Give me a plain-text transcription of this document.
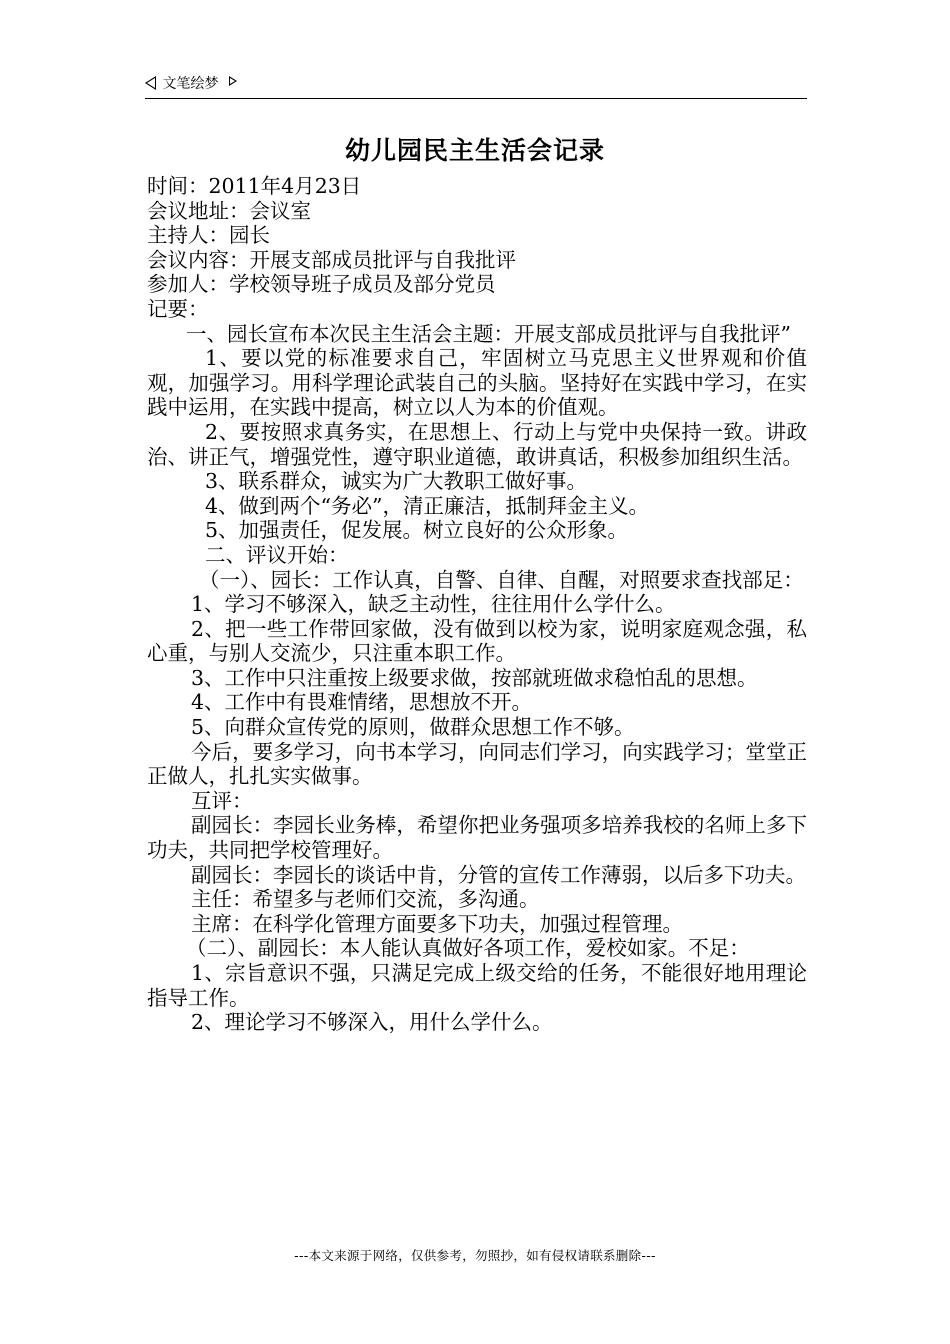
文笔绘梦
幼儿园民主生活会记录

时间：2011年4月23日

会议地址：会议室

主持人：园长

会议内容：开展支部成员批评与自我批评

参加人：学校领导班子成员及部分党员

记要：

一、园长宣布本次民主生活会主题：开展支部成员批评与自我批评”

1、要以党的标准要求自己，牢固树立马克思主义世界观和价值观，加强学习。用科学理论武装自己的头脑。坚持好在实践中学习，在实践中运用，在实践中提高，树立以人为本的价值观。

2、要按照求真务实，在思想上、行动上与党中央保持一致。讲政治、讲正气，增强党性，遵守职业道德，敢讲真话，积极参加组织生活。

3、联系群众，诚实为广大教职工做好事。

4、做到两个“务必”，清正廉洁，抵制拜金主义。

5、加强责任，促发展。树立良好的公众形象。

二、评议开始：

（一）、园长：工作认真，自警、自律、自醒，对照要求查找部足：

1、学习不够深入，缺乏主动性，往往用什么学什么。

2、把一些工作带回家做，没有做到以校为家，说明家庭观念强，私心重，与别人交流少，只注重本职工作。

3、工作中只注重按上级要求做，按部就班做求稳怕乱的思想。

4、工作中有畏难情绪，思想放不开。

5、向群众宣传党的原则，做群众思想工作不够。

今后，要多学习，向书本学习，向同志们学习，向实践学习；堂堂正正做人，扎扎实实做事。

互评：

副园长：李园长业务棒，希望你把业务强项多培养我校的名师上多下功夫，共同把学校管理好。

副园长：李园长的谈话中肯，分管的宣传工作薄弱，以后多下功夫。

主任：希望多与老师们交流，多沟通。

主席：在科学化管理方面要多下功夫，加强过程管理。

（二）、副园长：本人能认真做好各项工作，爱校如家。不足：

1、宗旨意识不强，只满足完成上级交给的任务，不能很好地用理论指导工作。

2、理论学习不够深入，用什么学什么。

---本文来源于网络，仅供参考，勿照抄，如有侵权请联系删除---
